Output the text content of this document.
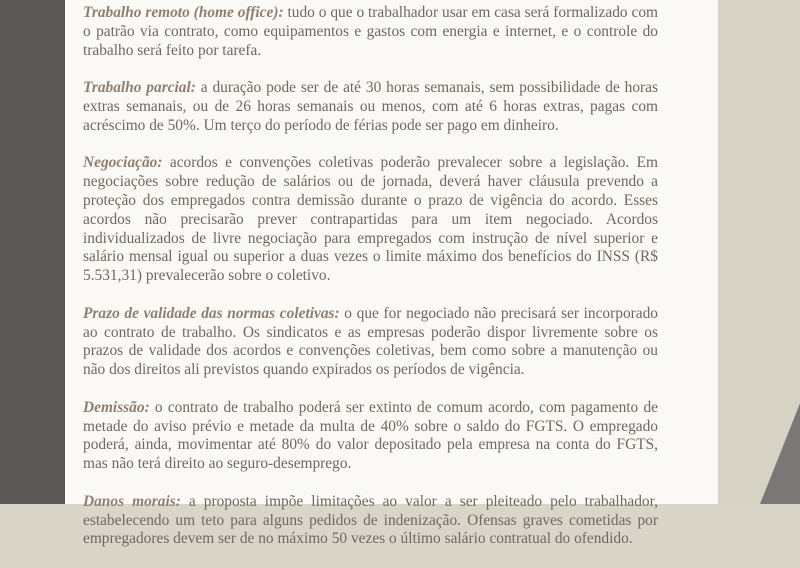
Trabalho remoto (home office): tudo o que o trabalhador usar em casa será formalizado com o patrão via contrato, como equipamentos e gastos com energia e internet, e o controle do trabalho será feito por tarefa.

Trabalho parcial: a duração pode ser de até 30 horas semanais, sem possibilidade de horas extras semanais, ou de 26 horas semanais ou menos, com até 6 horas extras, pagas com acréscimo de 50%. Um terço do período de férias pode ser pago em dinheiro.

Negociação: acordos e convenções coletivas poderão prevalecer sobre a legislação. Em negociações sobre redução de salários ou de jornada, deverá haver cláusula prevendo a proteção dos empregados contra demissão durante o prazo de vigência do acordo. Esses acordos não precisarão prever contrapartidas para um item negociado. Acordos individualizados de livre negociação para empregados com instrução de nível superior e salário mensal igual ou superior a duas vezes o limite máximo dos benefícios do INSS (R$ 5.531,31) prevalecerão sobre o coletivo.

Prazo de validade das normas coletivas: o que for negociado não precisará ser incorporado ao contrato de trabalho. Os sindicatos e as empresas poderão dispor livremente sobre os prazos de validade dos acordos e convenções coletivas, bem como sobre a manutenção ou não dos direitos ali previstos quando expirados os períodos de vigência.

Demissão: o contrato de trabalho poderá ser extinto de comum acordo, com pagamento de metade do aviso prévio e metade da multa de 40% sobre o saldo do FGTS. O empregado poderá, ainda, movimentar até 80% do valor depositado pela empresa na conta do FGTS, mas não terá direito ao seguro-desemprego.

Danos morais: a proposta impõe limitações ao valor a ser pleiteado pelo trabalhador, estabelecendo um teto para alguns pedidos de indenização. Ofensas graves cometidas por empregadores devem ser de no máximo 50 vezes o último salário contratual do ofendido.
